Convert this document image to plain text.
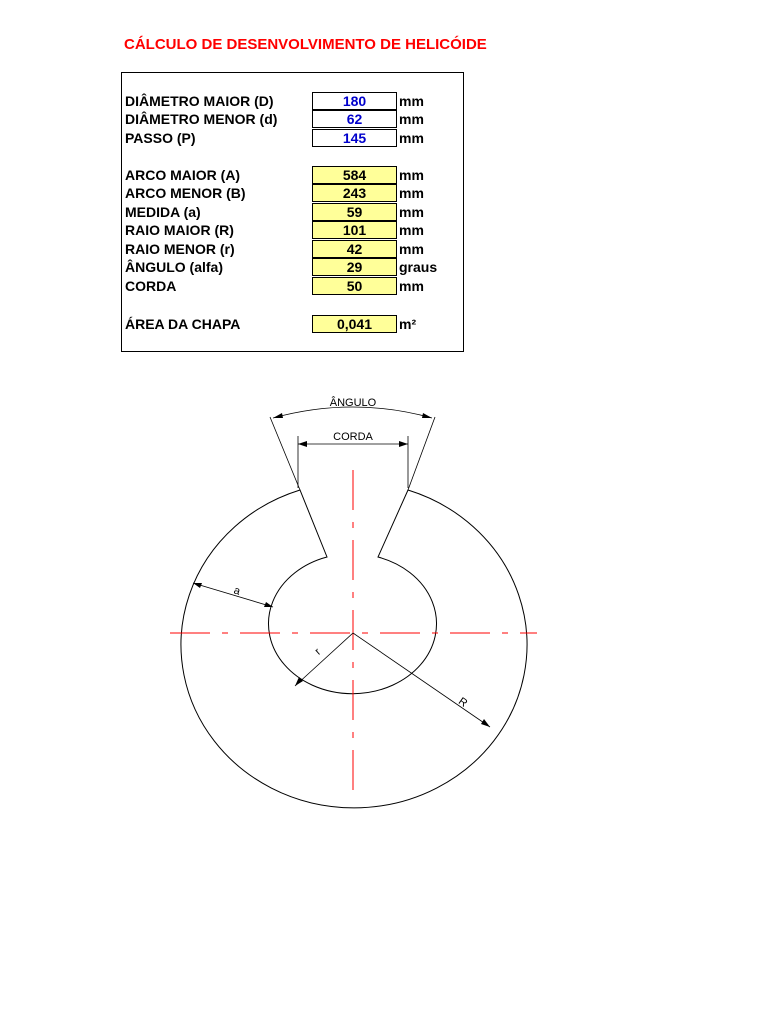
CÁLCULO DE DESENVOLVIMENTO DE HELICÓIDE
DIÂMETRO MAIOR (D)	180	mm
DIÂMETRO MENOR (d)	62	mm
PASSO (P)	145	mm
ARCO MAIOR (A)	584	mm
ARCO MENOR (B)	243	mm
MEDIDA (a)	59	mm
RAIO MAIOR (R)	101	mm
RAIO MENOR (r)	42	mm
ÂNGULO (alfa)	29	graus
CORDA	50	mm
ÁREA DA CHAPA	0,041	m²
ÂNGULO
CORDA
a
r
R
